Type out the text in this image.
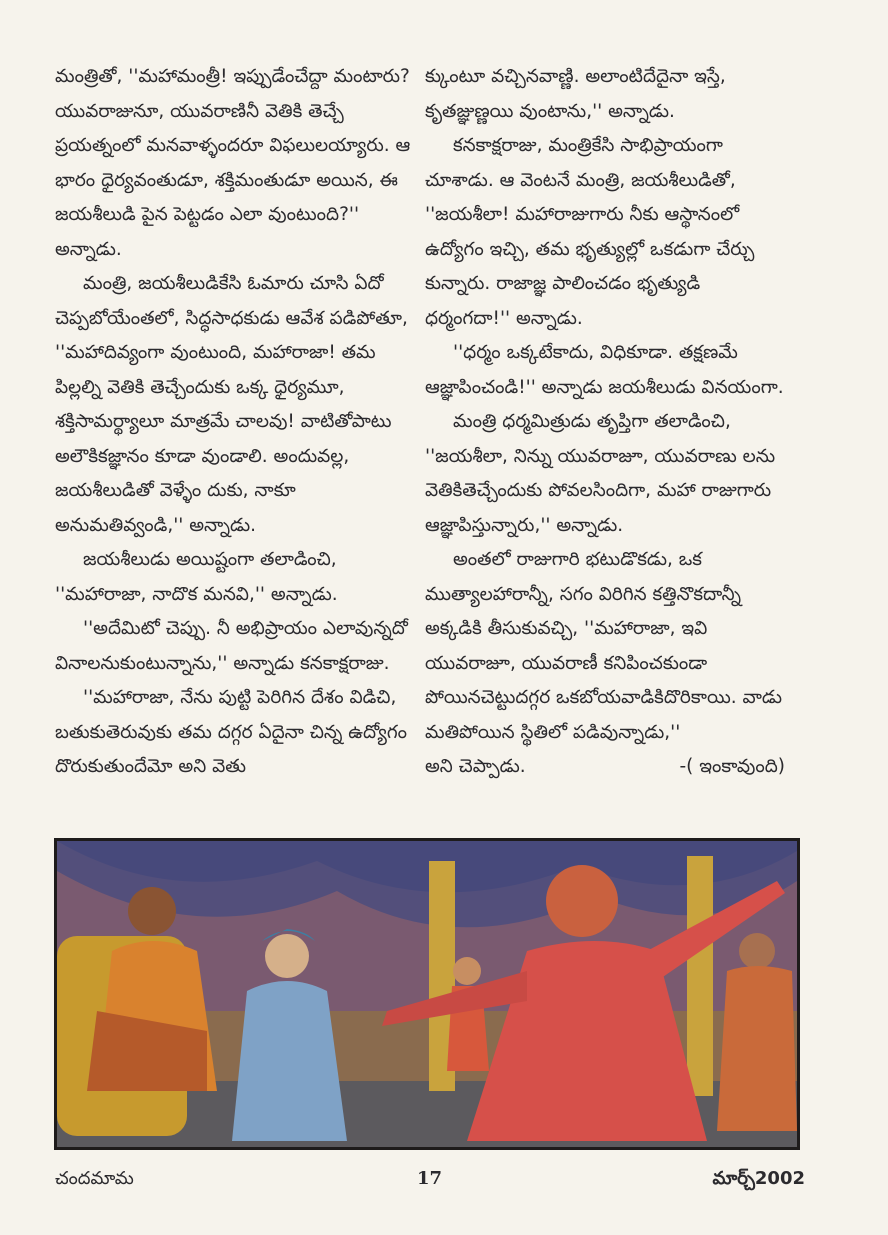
మంత్రితో, ''మహామంత్రీ! ఇప్పుడేంచేద్దా మంటారు? యువరాజునూ, యువరాణినీ వెతికి తెచ్చే ప్రయత్నంలో మనవాళ్ళందరూ విఫలులయ్యారు. ఆ భారం ధైర్యవంతుడూ, శక్తిమంతుడూ అయిన, ఈ జయశీలుడి పైన పెట్టడం ఎలా వుంటుంది?'' అన్నాడు.

మంత్రి, జయశీలుడికేసి ఓమారు చూసి ఏదో చెప్పబోయేంతలో, సిద్ధసాధకుడు ఆవేశ పడిపోతూ, ''మహాదివ్యంగా వుంటుంది, మహారాజా! తమ పిల్లల్ని వెతికి తెచ్చేందుకు ఒక్క ధైర్యమూ, శక్తిసామర్థ్యాలూ మాత్రమే చాలవు! వాటితోపాటు అలౌకికజ్ఞానం కూడా వుండాలి. అందువల్ల, జయశీలుడితో వెళ్ళేం దుకు, నాకూ అనుమతివ్వండి,'' అన్నాడు.

జయశీలుడు అయిష్టంగా తలాడించి, ''మహారాజా, నాదొక మనవి,'' అన్నాడు.

''అదేమిటో చెప్పు. నీ అభిప్రాయం ఎలావున్నదో వినాలనుకుంటున్నాను,'' అన్నాడు కనకాక్షరాజు.

''మహారాజా, నేను పుట్టి పెరిగిన దేశం విడిచి, బతుకుతెరువుకు తమ దగ్గర ఏదైనా చిన్న ఉద్యోగం దొరుకుతుందేమో అని వెతు

క్కుంటూ వచ్చినవాణ్ణి. అలాంటిదేదైనా ఇస్తే, కృతజ్ఞుణ్ణయి వుంటాను,'' అన్నాడు.

కనకాక్షరాజు, మంత్రికేసి సాభిప్రాయంగా చూశాడు. ఆ వెంటనే మంత్రి, జయశీలుడితో, ''జయశీలా! మహారాజుగారు నీకు ఆస్థానంలో ఉద్యోగం ఇచ్చి, తమ భృత్యుల్లో ఒకడుగా చేర్చు కున్నారు. రాజాజ్ఞ పాలించడం భృత్యుడి ధర్మంగదా!'' అన్నాడు.

''ధర్మం ఒక్కటేకాదు, విధికూడా. తక్షణమే ఆజ్ఞాపించండి!'' అన్నాడు జయశీలుడు వినయంగా.

మంత్రి ధర్మమిత్రుడు తృప్తిగా తలాడించి, ''జయశీలా, నిన్ను యువరాజూ, యువరాణు లను వెతికితెచ్చేందుకు పోవలసిందిగా, మహా రాజుగారు ఆజ్ఞాపిస్తున్నారు,'' అన్నాడు.

అంతలో రాజుగారి భటుడొకడు, ఒక ముత్యాలహారాన్నీ, సగం విరిగిన కత్తినొకదాన్నీ అక్కడికి తీసుకువచ్చి, ''మహారాజా, ఇవి యువరాజూ, యువరాణీ కనిపించకుండా పోయినచెట్టుదగ్గర ఒకబోయవాడికిదొరికాయి. వాడు మతిపోయిన స్థితిలో పడివున్నాడు,''

అని చెప్పాడు.	-( ఇంకావుంది)
చందమామ	17	మార్చ్2002
